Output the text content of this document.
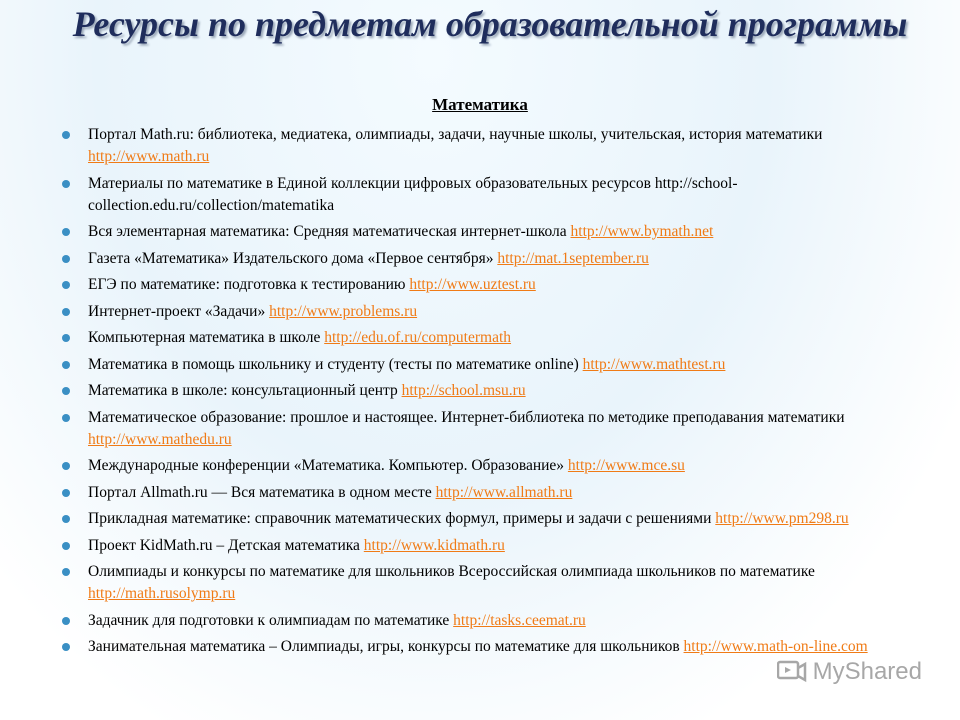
Ресурсы по предметам образовательной программы
Математика
Портал Math.ru: библиотека, медиатека, олимпиады, задачи, научные школы, учительская, история математики http://www.math.ru
Материалы по математике в Единой коллекции цифровых образовательных ресурсов http://school-collection.edu.ru/collection/matematika
Вся элементарная математика: Средняя математическая интернет-школа http://www.bymath.net
Газета «Математика» Издательского дома «Первое сентября» http://mat.1september.ru
ЕГЭ по математике: подготовка к тестированию http://www.uztest.ru
Интернет-проект «Задачи» http://www.problems.ru
Компьютерная математика в школе http://edu.of.ru/computermath
Математика в помощь школьнику и студенту (тесты по математике online) http://www.mathtest.ru
Математика в школе: консультационный центр http://school.msu.ru
Математическое образование: прошлое и настоящее. Интернет-библиотека по методике преподавания математики http://www.mathedu.ru
Международные конференции «Математика. Компьютер. Образование» http://www.mce.su
Портал Allmath.ru — Вся математика в одном месте http://www.allmath.ru
Прикладная математике: справочник математических формул, примеры и задачи с решениями http://www.pm298.ru
Проект KidMath.ru – Детская математика http://www.kidmath.ru
Олимпиады и конкурсы по математике для школьников Всероссийская олимпиада школьников по математике http://math.rusolymp.ru
Задачник для подготовки к олимпиадам по математике http://tasks.ceemat.ru
Занимательная математика – Олимпиады, игры, конкурсы по математике для школьников http://www.math-on-line.com
MyShared
